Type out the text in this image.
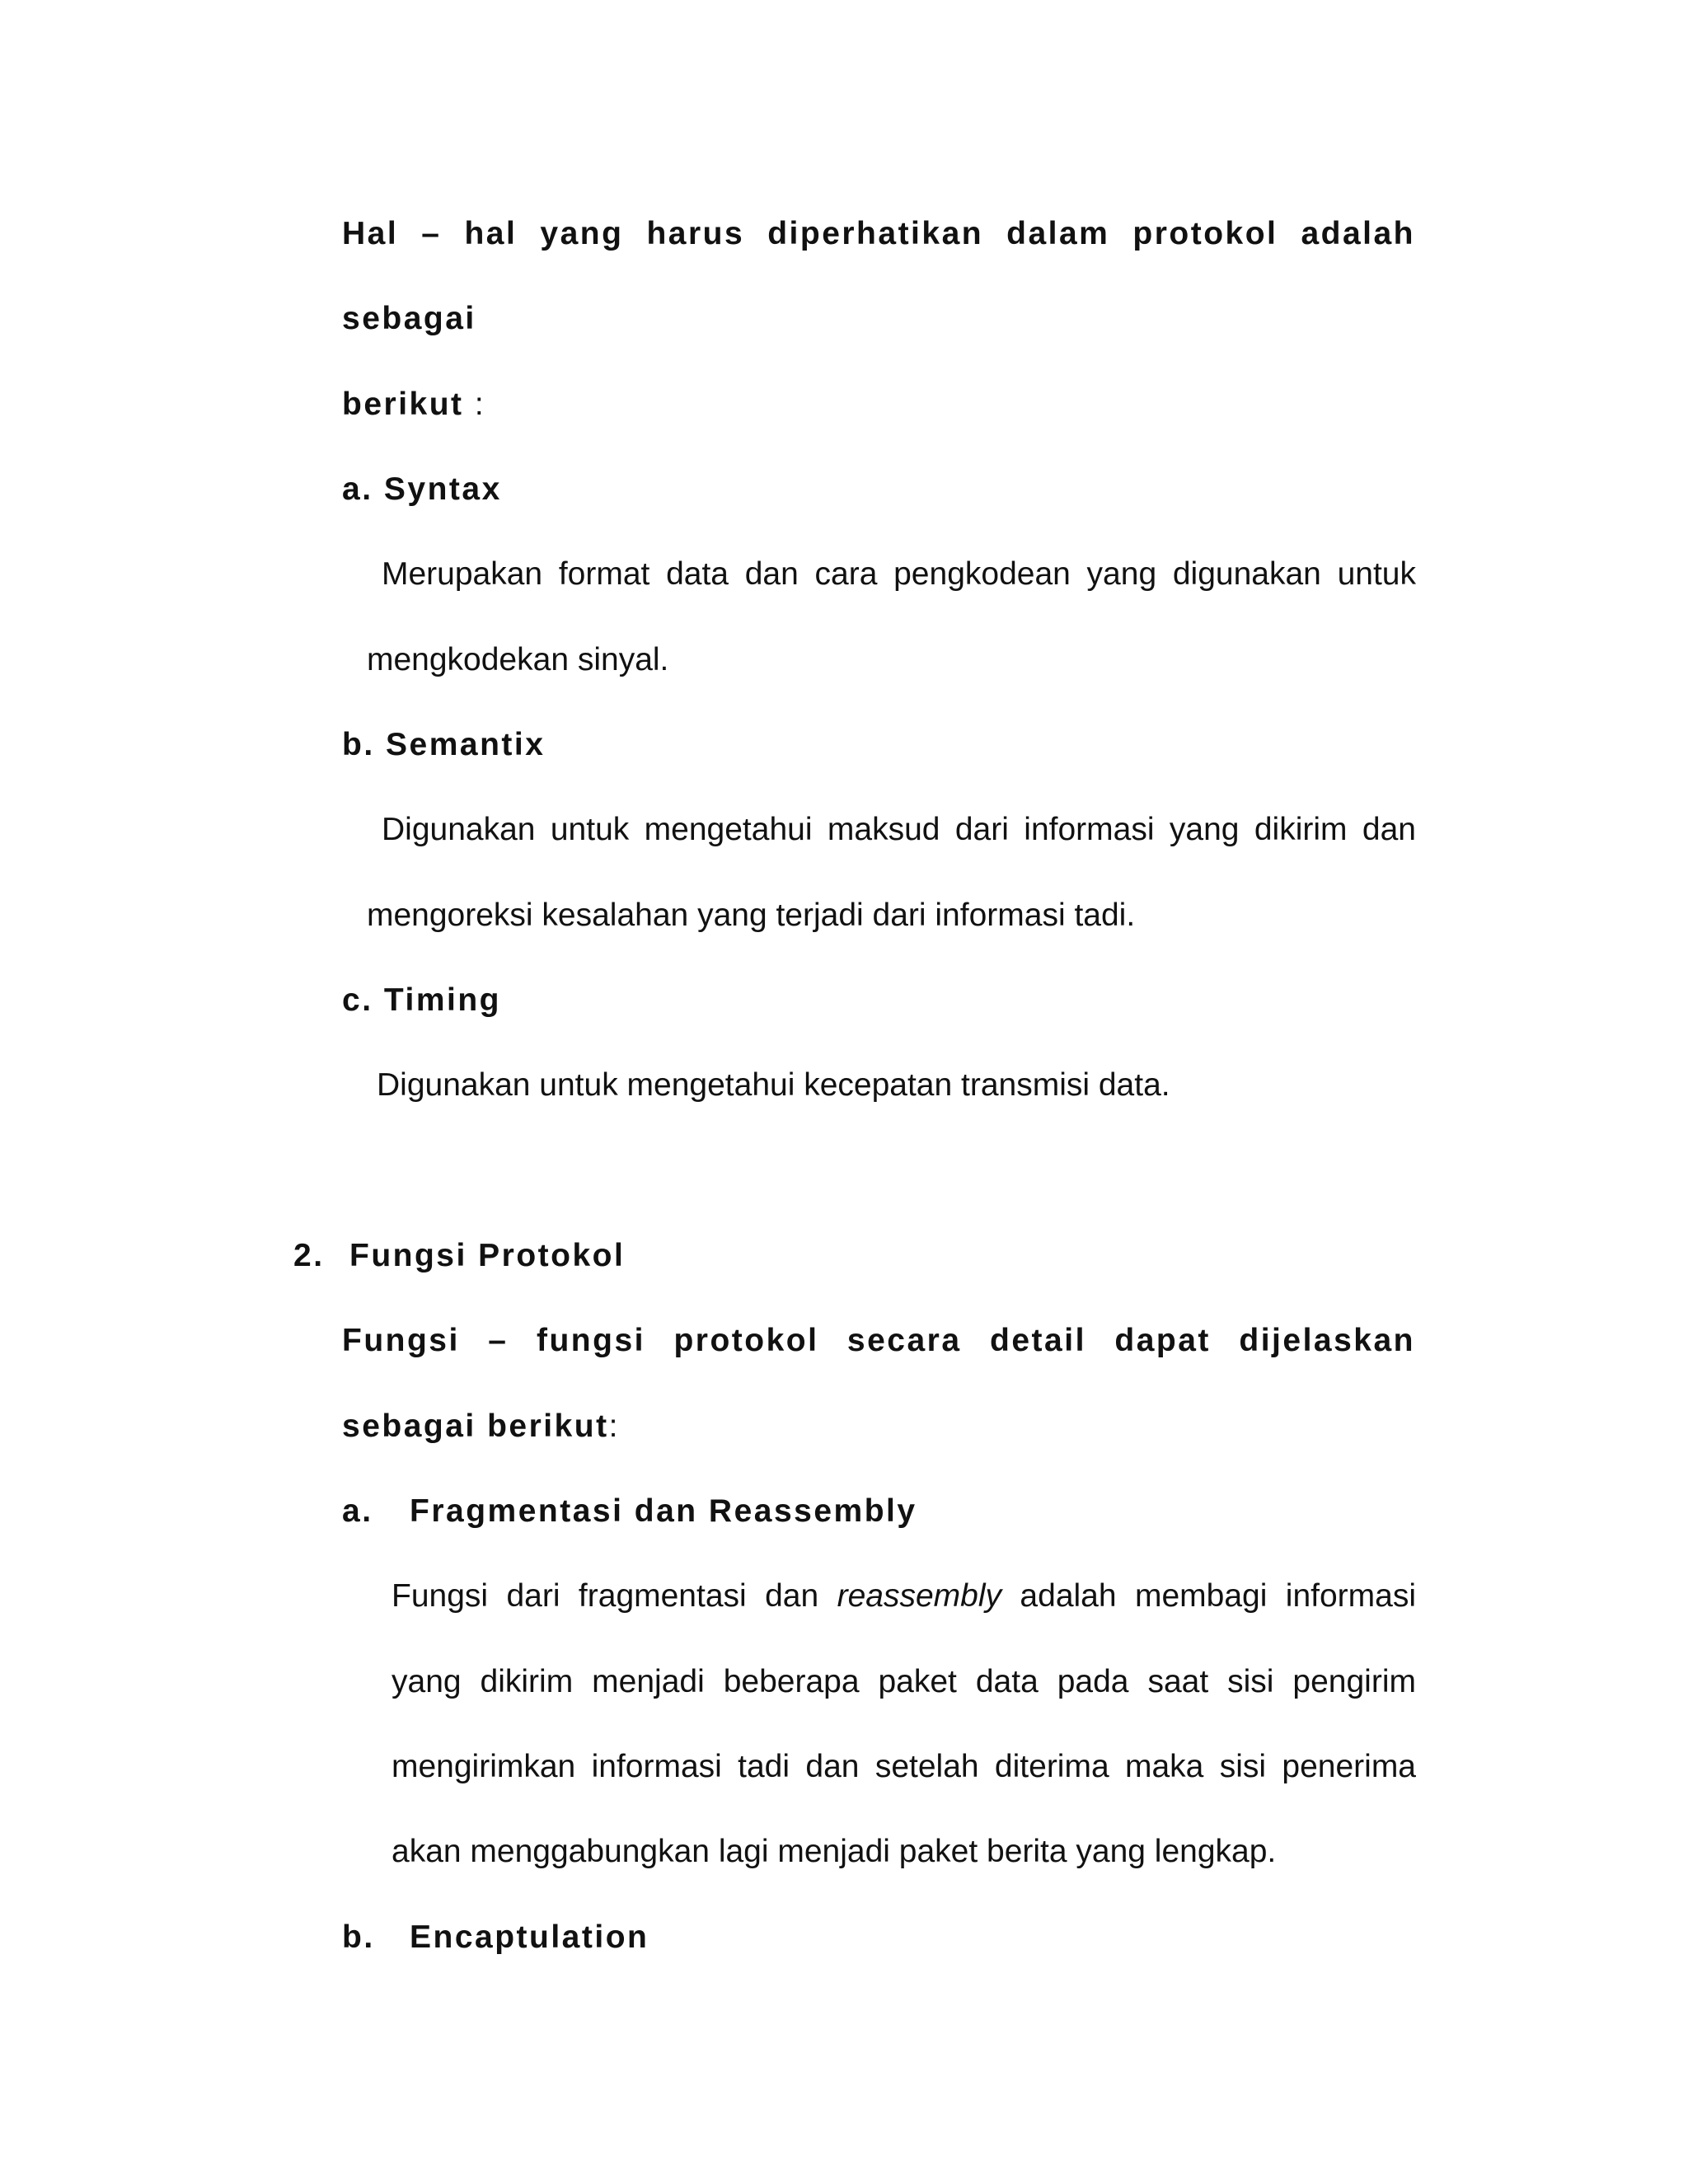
Hal – hal yang harus diperhatikan dalam protokol adalah
sebagai
berikut :
a. Syntax
Merupakan format data dan cara pengkodean yang digunakan untuk
mengkodekan sinyal.
b. Semantix
Digunakan untuk mengetahui maksud dari informasi yang dikirim dan
mengoreksi kesalahan yang terjadi dari informasi tadi.
c. Timing
Digunakan untuk mengetahui kecepatan transmisi data.
2. Fungsi Protokol
Fungsi – fungsi protokol secara detail dapat dijelaskan
sebagai berikut:
a. Fragmentasi dan Reassembly
Fungsi dari fragmentasi dan reassembly adalah membagi informasi
yang dikirim menjadi beberapa paket data pada saat sisi pengirim
mengirimkan informasi tadi dan setelah diterima maka sisi penerima
akan menggabungkan lagi menjadi paket berita yang lengkap.
b. Encaptulation
